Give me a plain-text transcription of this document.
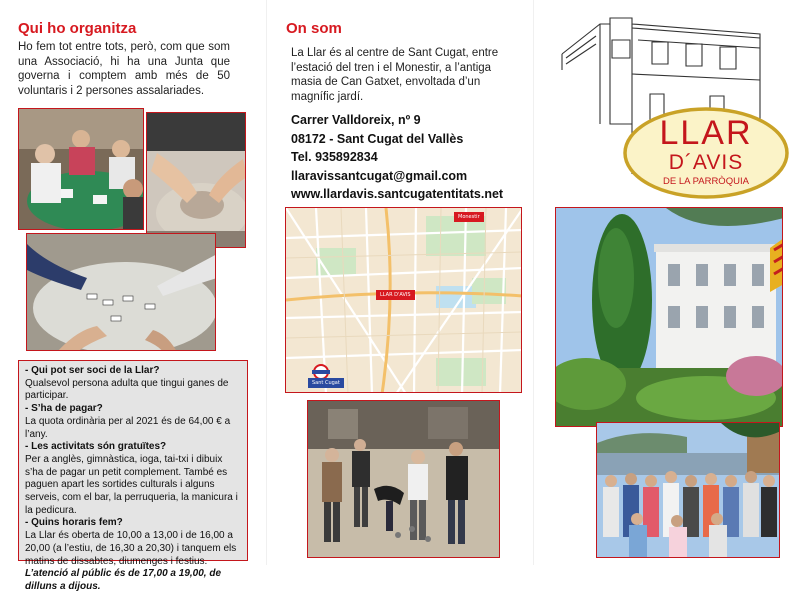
Qui ho organitza
Ho fem tot entre tots, però, com que som una Associació, hi ha una Junta que governa i comptem amb més de 50 voluntaris i 2 persones assalariades.
- Qui pot ser soci de la Llar?
Qualsevol persona adulta que tingui ganes de participar.
- S’ha de pagar?
La quota ordinària per al 2021 és de 64,00 € a l’any.
- Les activitats són gratuïtes?
Per a anglès, gimnàstica, ioga, tai-txi i dibuix s’ha de pagar un petit complement. També es paguen apart les sortides culturals i alguns serveis, com el bar, la perruqueria, la manicura i la pedicura.
- Quins horaris fem?
La Llar és oberta de 10,00 a 13,00 i de 16,00 a 20,00 (a l’estiu, de 16,30 a 20,30) i tanquem els matins de dissabtes, diumenges i festius.
L’atenció al públic és de 17,00 a 19,00, de dilluns a dijous.
On som
La Llar és al centre de Sant Cugat, entre l’estació del tren i el Monestir, a l’antiga masia de Can Gatxet, envoltada d’un magnífic jardí.
Carrer Valldoreix, nº 9
08172 - Sant Cugat del Vallès
Tel. 935892834
llaravissantcugat@gmail.com
www.llardavis.santcugatentitats.net
Monestir
LLAR D'AVIS
Sant Cugat
LLAR
D´AVIS
DE LA PARRÒQUIA
